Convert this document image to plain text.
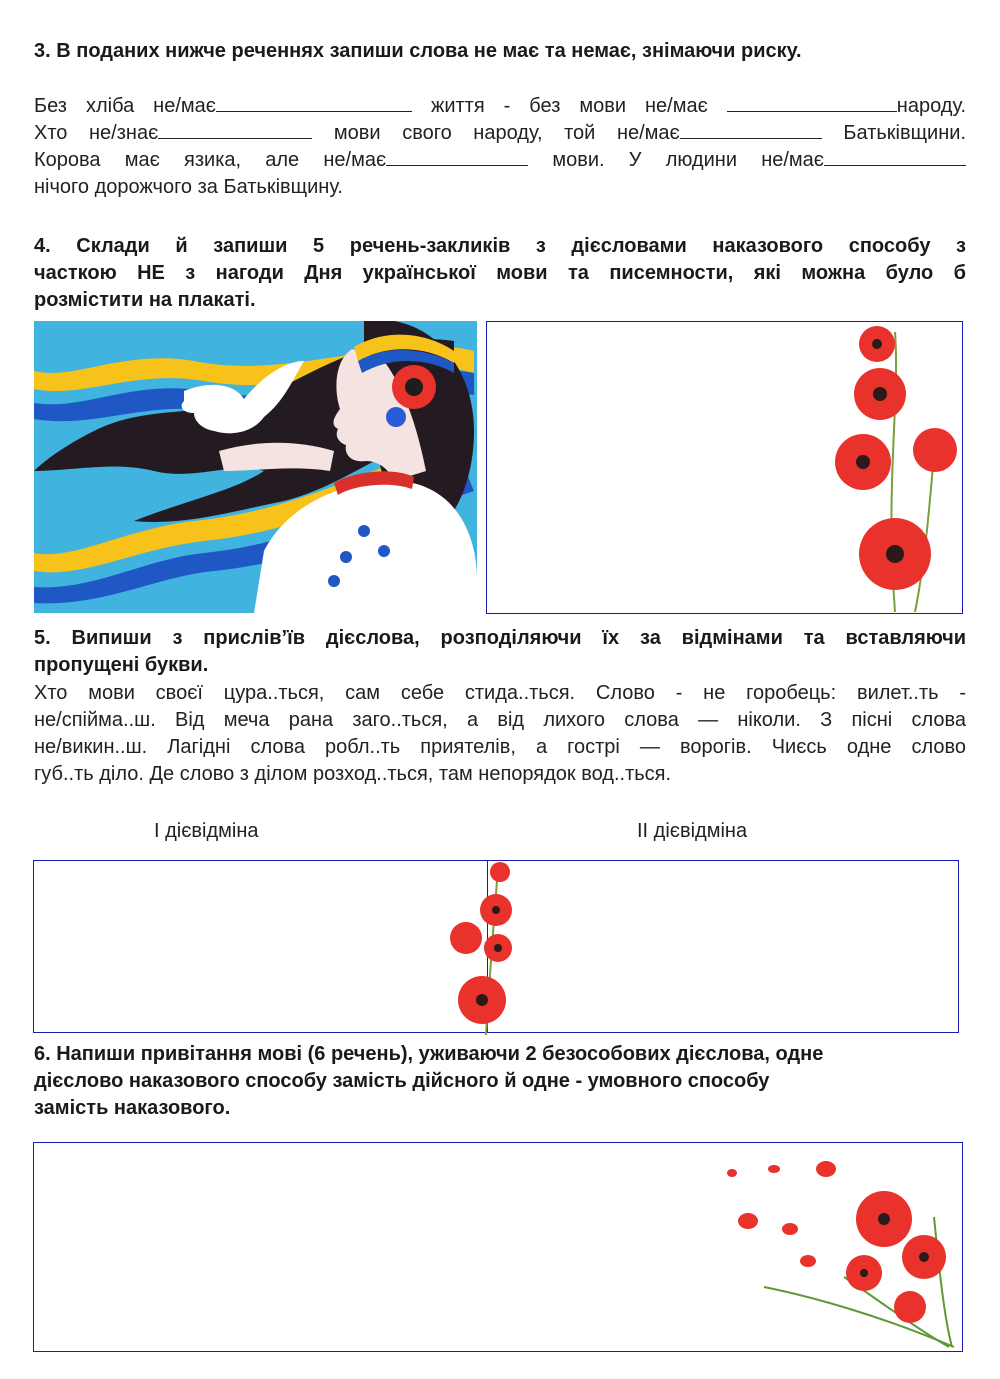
3. В поданих нижче реченнях запиши слова не має та немає, знімаючи риску.
Без хліба не/має	життя - без мови не/має	народу.
Хто не/знає	мови свого народу, той не/має	Батьківщини.
Корова має язика, але не/має	мови. У людини не/має
нічого дорожчого за Батьківщину.
4. Склади й запиши 5 речень-закликів з дієсловами наказового способу з
часткою НЕ з нагоди Дня української мови та писемности, які можна було б
розмістити на плакаті.
5. Випиши з прислів’їв дієслова, розподіляючи їх за відмінами та вставляючи
пропущені букви.
Хто мови своєї цура..ться, сам себе стида..ться. Слово - не горобець: вилет..ть -
не/спійма..ш. Від меча рана заго..ться, а від лихого слова — ніколи. З пісні слова
не/викин..ш. Лагідні слова робл..ть приятелів, а гострі — ворогів. Чиєсь одне слово
губ..ть діло. Де слово з ділом розход..ться, там непорядок вод..ться.
І дієвідміна	ІІ дієвідміна
6. Напиши привітання мові (6 речень), уживаючи 2 безособових дієслова, одне
дієслово наказового способу замість дійсного й одне - умовного способу
замість наказового.
